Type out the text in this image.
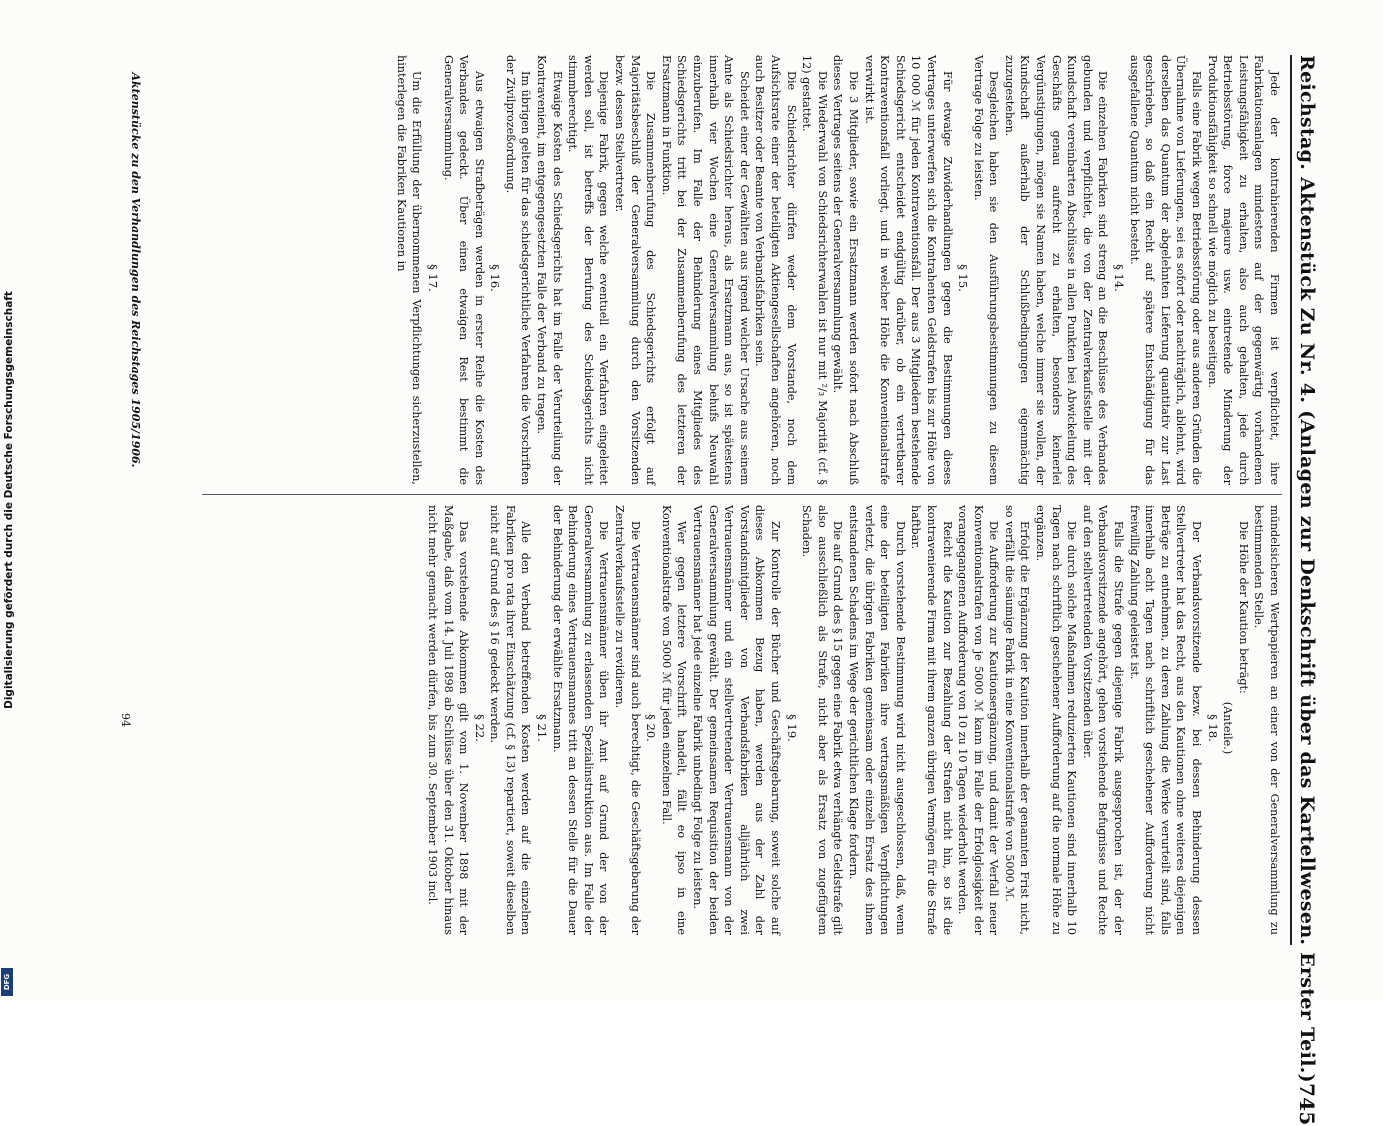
Digitalisierung gefördert durch die Deutsche Forschungsgemeinschaft
DFG	Reichstag. Aktenstück Zu Nr. 4. (Anlagen zur Denkschrift über das Kartellwesen. Erster Teil.)
745

Jede der kontrahierenden Firmen ist verpflichtet, ihre Fabrikationsanlagen mindestens auf der gegenwärtig vorhandenen Leistungsfähigkeit zu erhalten, also auch gehalten, jede durch Betriebsstörung, force majeure usw. eintretende Minderung der Produktionsfähigkeit so schnell wie möglich zu beseitigen.

Falls eine Fabrik wegen Betriebsstörung oder aus anderen Gründen die Übernahme von Lieferungen, sei es sofort oder nachträglich, ablehnt, wird derselben das Quantum der abgelehnten Lieferung quantitativ zur Last geschrieben, so daß ein Recht auf spätere Entschädigung für das ausgefallene Quantum nicht besteht.

§ 14.

Die einzelnen Fabriken sind streng an die Beschlüsse des Verbandes gebunden und verpflichtet, die von der Zentralverkaufsstelle mit der Kundschaft vereinbarten Abschlüsse in allen Punkten bei Abwickelung des Geschäfts genau aufrecht zu erhalten, besonders keinerlei Vergünstigungen, mögen sie Namen haben, welche immer sie wollen, der Kundschaft außerhalb der Schlußbedingungen eigenmächtig zuzugestehen.

Desgleichen haben sie den Ausführungsbestimmungen zu diesem Vertrage Folge zu leisten.

§ 15.

Für etwaige Zuwiderhandlungen gegen die Bestimmungen dieses Vertrages unterwerfen sich die Kontrahenten Geldstrafen bis zur Höhe von 10 000 ℳ für jeden Kontraventionsfall. Der aus 3 Mitgliedern bestehende Schiedsgericht entscheidet endgültig darüber, ob ein vertretbarer Kontraventionsfall vorliegt, und in welcher Höhe die Konventionalstrafe verwirkt ist.

Die 3 Mitglieder, sowie ein Ersatzmann werden sofort nach Abschluß dieses Vertrages seitens der Generalversammlung gewählt.

Die Wiederwahl von Schiedsrichterwahlen ist nur mit ²/₃ Majorität (cf. § 12) gestattet.

Die Schiedsrichter dürfen weder dem Vorstande, noch dem Aufsichtsrate einer der beteiligten Aktiengesellschaften angehören, noch auch Besitzer oder Beamte von Verbandsfabriken sein.

Scheidet einer der Gewählten aus irgend welcher Ursache aus seinem Amte als Schiedsrichter heraus, als Ersatzmann aus, so ist spätestens innerhalb vier Wochen eine Generalversammlung behufs Neuwahl einzuberufen. Im Falle der Behinderung eines Mitgliedes des Schiedsgerichts tritt bei der Zusammenberufung des letzteren der Ersatzmann in Funktion.

Die Zusammenberufung des Schiedsgerichts erfolgt auf Majoritätsbeschluß der Generalversammlung durch den Vorsitzenden bezw. dessen Stellvertreter.

Diejenige Fabrik, gegen welche eventuell ein Verfahren eingeleitet werden soll, ist betreffs der Berufung des Schiedsgerichts nicht stimmberechtigt.

Etwaige Kosten des Schiedsgerichts hat im Falle der Verurteilung der Kontravenient, im entgegengesetzten Falle der Verband zu tragen.

Im übrigen gelten für das schiedsgerichtliche Verfahren die Vorschriften der Zivilprozeßordnung.

§ 16.

Aus etwaigen Strafbeträgen werden in erster Reihe die Kosten des Verbandes gedeckt. Über einen etwaigen Rest bestimmt die Generalversammlung.

§ 17.

Um die Erfüllung der übernommenen Verpflichtungen sicherzustellen, hinterlegen die Fabriken Kautionen in

Aktenstücke zu den Verhandlungen des Reichstages 1905/1906.

mündelsicheren Wertpapieren an einer von der Generalversammlung zu bestimmenden Stelle.

Die Höhe der Kaution beträgt:

(Anteile.)

§ 18.

Der Verbandsvorsitzende bezw. bei dessen Behinderung dessen Stellvertreter hat das Recht, aus den Kautionen ohne weiteres diejenigen Beträge zu entnehmen, zu deren Zahlung die Werke verurteilt sind, falls innerhalb acht Tagen nach schriftlich geschehener Aufforderung nicht freiwillig Zahlung geleistet ist.

Falls die Strafe gegen diejenige Fabrik ausgesprochen ist, der der Verbandsvorsitzende angehört, gehen vorstehende Befugnisse und Rechte auf den stellvertretenden Vorsitzenden über.

Die durch solche Maßnahmen reduzierten Kautionen sind innerhalb 10 Tagen nach schriftlich geschehener Aufforderung auf die normale Höhe zu ergänzen.

Erfolgt die Ergänzung der Kaution innerhalb der genannten Frist nicht, so verfällt die säumige Fabrik in eine Konventionalstrafe von 5000 ℳ.

Die Aufforderung zur Kautionsergänzung, und damit der Verfall neuer Konventionalstrafen von je 5000 ℳ kann im Falle der Erfolglosigkeit der vorangegangenen Aufforderung von 10 zu 10 Tagen wiederholt werden.

Reicht die Kaution zur Bezahlung der Strafen nicht hin, so ist die kontravenierende Firma mit ihrem ganzen übrigen Vermögen für die Strafe haftbar.

Durch vorstehende Bestimmung wird nicht ausgeschlossen, daß, wenn eine der beteiligten Fabriken ihre vertragsmäßigen Verpflichtungen verletzt, die übrigen Fabriken gemeinsam oder einzeln Ersatz des ihnen entstandenen Schadens im Wege der gerichtlichen Klage fordern.

Die auf Grund des § 15 gegen eine Fabrik etwa verhängte Geldstrafe gilt also ausschließlich als Strafe, nicht aber als Ersatz von zugefügtem Schaden.

§ 19.

Zur Kontrolle der Bücher und Geschäftsgebarung, soweit solche auf dieses Abkommen Bezug haben, werden aus der Zahl der Vorstandsmitglieder von Verbandsfabriken alljährlich zwei Vertrauensmänner und ein stellvertretender Vertrauensmann von der Generalversammlung gewählt. Der gemeinsamen Requisition der beiden Vertrauensmänner hat jede einzelne Fabrik unbedingt Folge zu leisten.

Wer gegen letztere Vorschrift handelt, fällt eo ipso in eine Konventionalstrafe von 5000 ℳ für jeden einzelnen Fall.

§ 20.

Die Vertrauensmänner sind auch berechtigt, die Geschäftsgebarung der Zentralverkaufsstelle zu revidieren.

Die Vertrauensmänner üben ihr Amt auf Grund der von der Generalversammlung zu erlassenden Spezialinstruktion aus. Im Falle der Behinderung eines Vertrauensmannes tritt an dessen Stelle für die Dauer der Behinderung der erwählte Ersatzmann.

§ 21.

Alle den Verband betreffenden Kosten werden auf die einzelnen Fabriken pro rata ihrer Einschätzung (cf. § 13) repartiert, soweit dieselben nicht auf Grund des § 16 gedeckt werden.

§ 22.

Das vorstehende Abkommen gilt vom 1. November 1898 mit der Maßgabe, daß vom 14. Juli 1898 ab Schlüsse über den 31. Oktober hinaus nicht mehr gemacht werden dürfen, bis zum 30. September 1903 incl.

94
